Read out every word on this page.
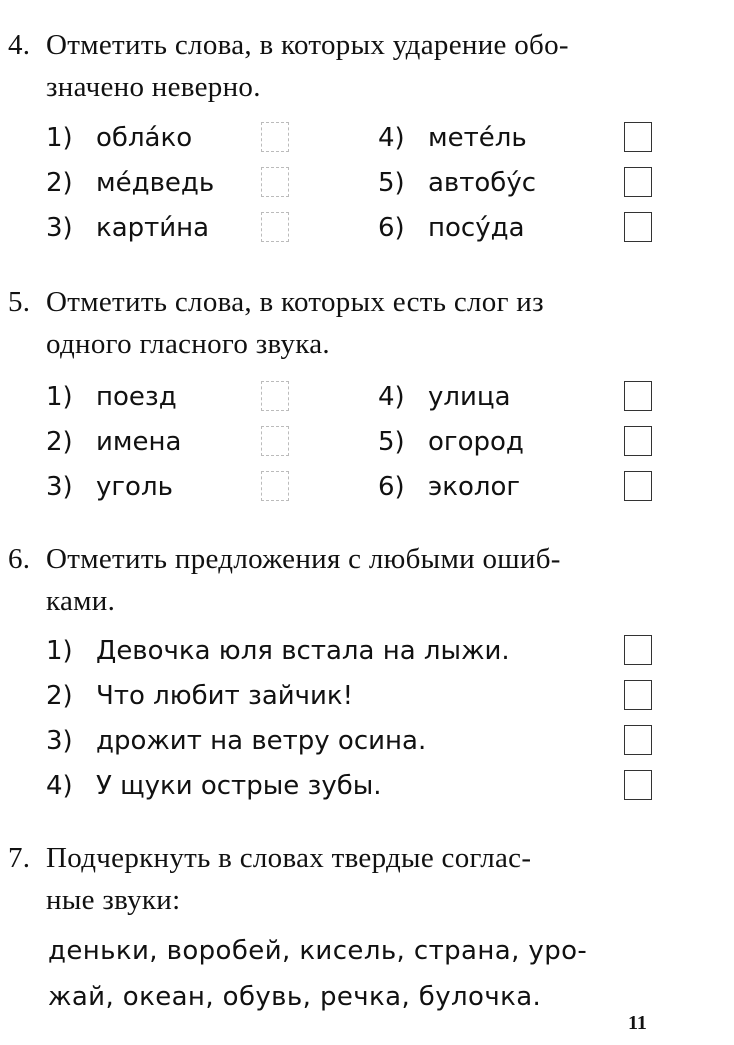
4. Отметить слова, в которых ударение обо-
значено неверно.
1) обла́ко
2) ме́дведь
3) карти́на
4) мете́ль
5) автобу́с
6) посу́да
5. Отметить слова, в которых есть слог из
одного гласного звука.
1) поезд
2) имена
3) уголь
4) улица
5) огород
6) эколог
6. Отметить предложения с любыми ошиб-
ками.
1) Девочка юля встала на лыжи.
2) Что любит зайчик!
3) дрожит на ветру осина.
4) У щуки острые зубы.
7. Подчеркнуть в словах твердые соглас-
ные звуки:
деньки, воробей, кисель, страна, уро-
жай, океан, обувь, речка, булочка.
11
